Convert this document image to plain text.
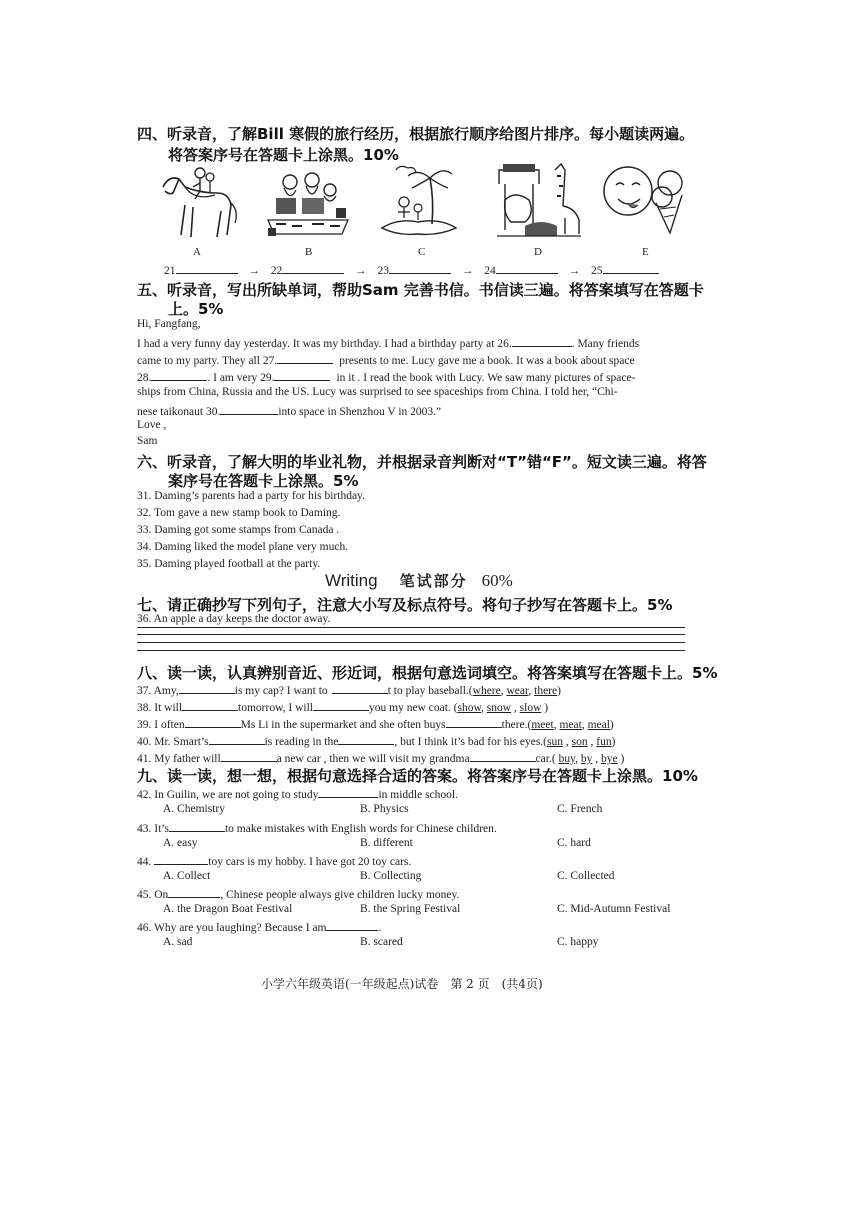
四、听录音，了解Bill 寒假的旅行经历，根据旅行顺序给图片排序。每小题读两遍。
将答案序号在答题卡上涂黑。10%
A	B	C	D	E
21	→ 22	→ 23	→ 24	→ 25
五、听录音，写出所缺单词，帮助Sam 完善书信。书信读三遍。将答案填写在答题卡
上。5%
Hi, Fangfang,
I had a very funny day yesterday. It was my birthday. I had a birthday party at 26.	. Many friends
came to my party. They all 27.	presents to me. Lucy gave me a book. It was a book about space
28.	. I am very 29.	in it . I read the book with Lucy. We saw many pictures of space-
ships from China, Russia and the US. Lucy was surprised to see spaceships from China. I told her, “Chi-
nese taikonaut 30.	into space in Shenzhou V in 2003.”
Love ,
Sam
六、听录音，了解大明的毕业礼物，并根据录音判断对“T”错“F”。短文读三遍。将答
案序号在答题卡上涂黑。5%
31. Daming’s parents had a party for his birthday.
32. Tom gave a new stamp book to Daming.
33. Daming got some stamps from Canada .
34. Daming liked the model plane very much.
35. Daming played football at the party.
Writing 笔试部分 60%
七、请正确抄写下列句子，注意大小写及标点符号。将句子抄写在答题卡上。5%
36. An apple a day keeps the doctor away.
八、读一读，认真辨别音近、形近词，根据句意选词填空。将答案填写在答题卡上。5%
37. Amy,	is my cap? I want to	t to play baseball.(where, wear, there)
38. It will	tomorrow, I will	you my new coat. (show, snow , slow )
39. I often	Ms Li in the supermarket and she often buys	there.(meet, meat, meal)
40. Mr. Smart’s	is reading in the	, but I think it’s bad for his eyes.(sun , son , fun)
41. My father will	a new car , then we will visit my grandma	car.( buy, by , bye )
九、读一读，想一想，根据句意选择合适的答案。将答案序号在答题卡上涂黑。10%
42. In Guilin, we are not going to study	in middle school.
A. Chemistry	B. Physics	C. French
43. It’s	to make mistakes with English words for Chinese children.
A. easy	B. different	C. hard
44.	toy cars is my hobby. I have got 20 toy cars.
A. Collect	B. Collecting	C. Collected
45. On	, Chinese people always give children lucky money.
A. the Dragon Boat Festival	B. the Spring Festival	C. Mid-Autumn Festival
46. Why are you laughing? Because I am	.
A. sad	B. scared	C. happy
小学六年级英语(一年级起点)试卷　第 2 页　(共4页)
